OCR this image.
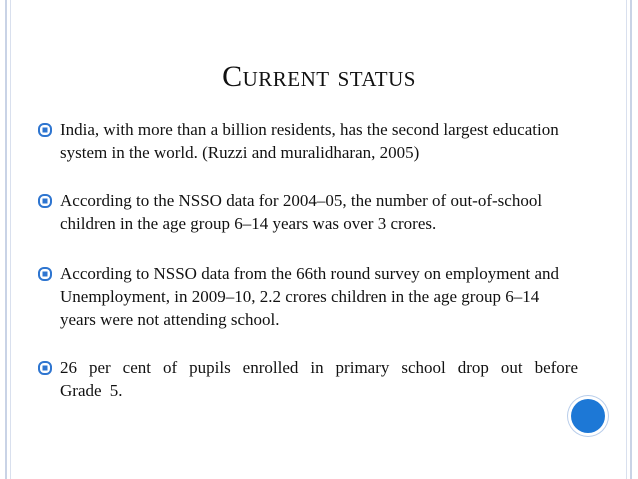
Current status
India, with more than a billion residents, has the second largest education system in the world. (Ruzzi and muralidharan, 2005)
According to the NSSO data for 2004–05, the number of out-of-school children in the age group 6–14 years was over 3 crores.
According to NSSO data from the 66th round survey on employment and Unemployment, in 2009–10, 2.2 crores children in the age group 6–14 years were not attending school.
26 per cent of pupils enrolled in primary school drop out before Grade 5.
